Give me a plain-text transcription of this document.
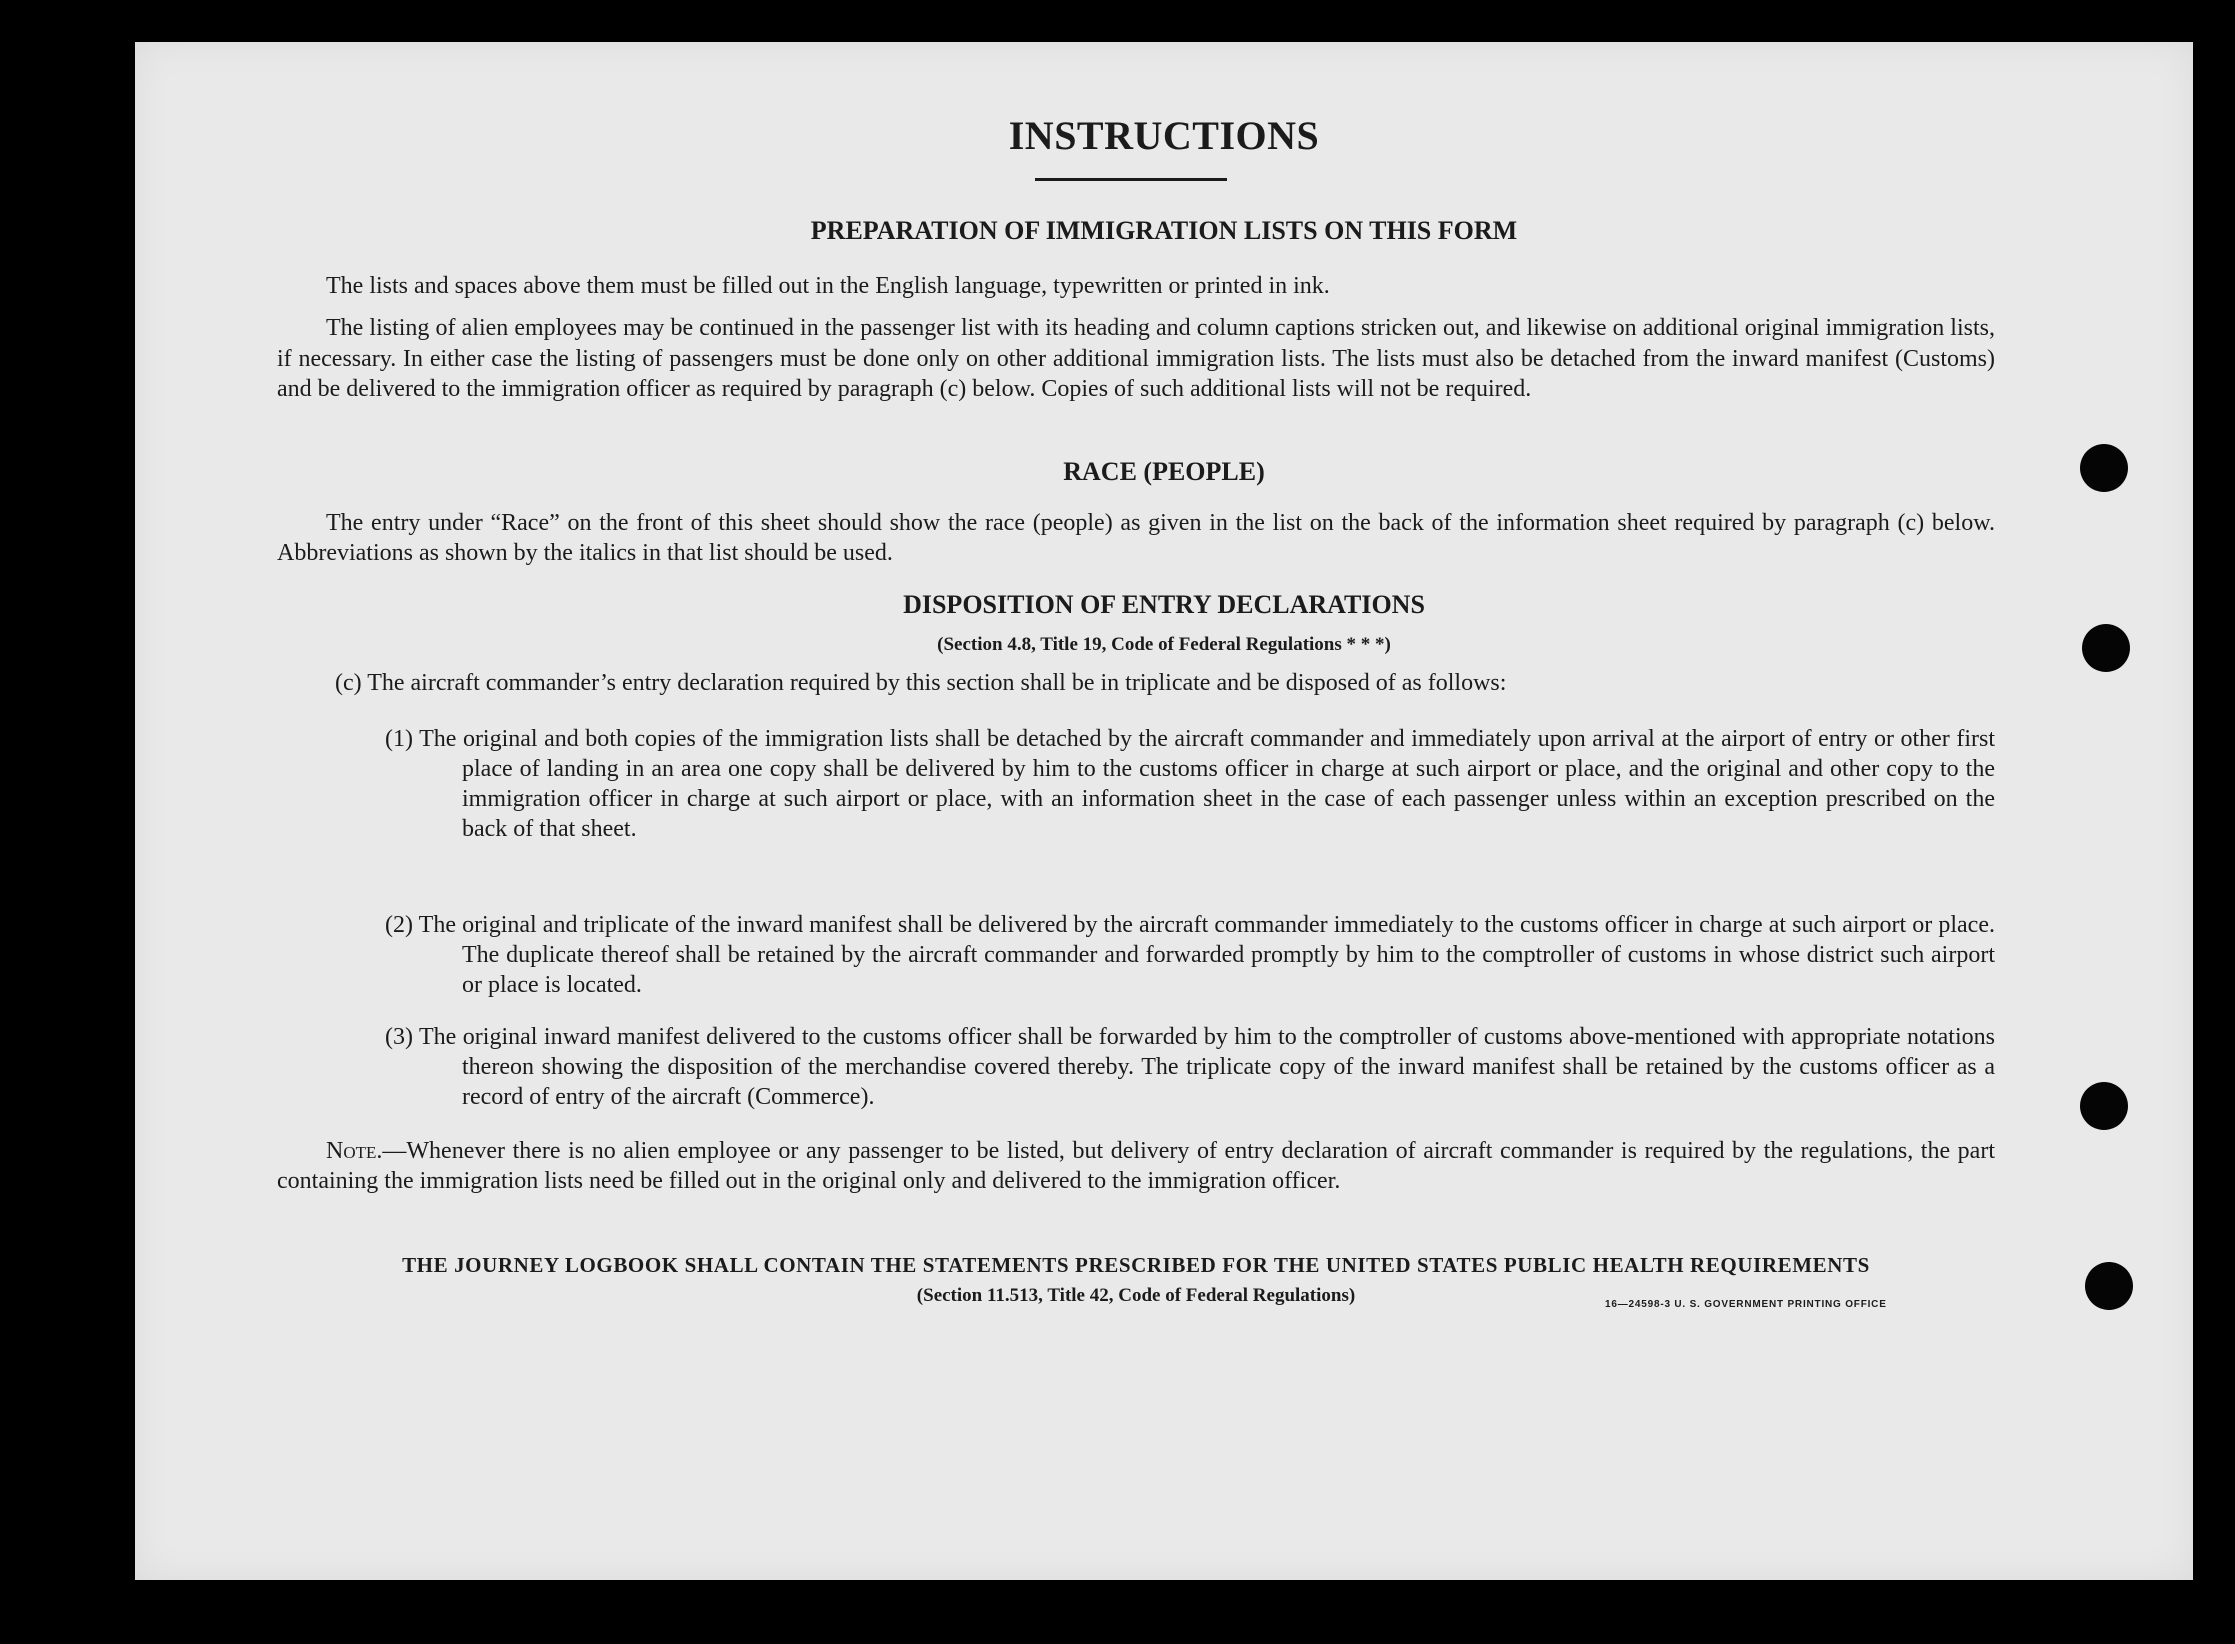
INSTRUCTIONS
PREPARATION OF IMMIGRATION LISTS ON THIS FORM
The lists and spaces above them must be filled out in the English language, typewritten or printed in ink.
The listing of alien employees may be continued in the passenger list with its heading and column captions stricken out, and likewise on additional original immigration lists, if necessary. In either case the listing of passengers must be done only on other additional immigration lists. The lists must also be detached from the inward manifest (Customs) and be delivered to the immigration officer as required by paragraph (c) below. Copies of such additional lists will not be required.
RACE (PEOPLE)
The entry under “Race” on the front of this sheet should show the race (people) as given in the list on the back of the information sheet required by paragraph (c) below. Abbreviations as shown by the italics in that list should be used.
DISPOSITION OF ENTRY DECLARATIONS
(Section 4.8, Title 19, Code of Federal Regulations * * *)
(c) The aircraft commander’s entry declaration required by this section shall be in triplicate and be disposed of as follows:
(1) The original and both copies of the immigration lists shall be detached by the aircraft commander and immediately upon arrival at the airport of entry or other first place of landing in an area one copy shall be delivered by him to the customs officer in charge at such airport or place, and the original and other copy to the immigration officer in charge at such airport or place, with an information sheet in the case of each passenger unless within an exception prescribed on the back of that sheet.
(2) The original and triplicate of the inward manifest shall be delivered by the aircraft commander immediately to the customs officer in charge at such airport or place. The duplicate thereof shall be retained by the aircraft commander and forwarded promptly by him to the comptroller of customs in whose district such airport or place is located.
(3) The original inward manifest delivered to the customs officer shall be forwarded by him to the comptroller of customs above-mentioned with appropriate notations thereon showing the disposition of the merchandise covered thereby. The triplicate copy of the inward manifest shall be retained by the customs officer as a record of entry of the aircraft (Commerce).
Note.—Whenever there is no alien employee or any passenger to be listed, but delivery of entry declaration of aircraft commander is required by the regulations, the part containing the immigration lists need be filled out in the original only and delivered to the immigration officer.
THE JOURNEY LOGBOOK SHALL CONTAIN THE STATEMENTS PRESCRIBED FOR THE UNITED STATES PUBLIC HEALTH REQUIREMENTS
(Section 11.513, Title 42, Code of Federal Regulations)	16—24598-3 U. S. GOVERNMENT PRINTING OFFICE
